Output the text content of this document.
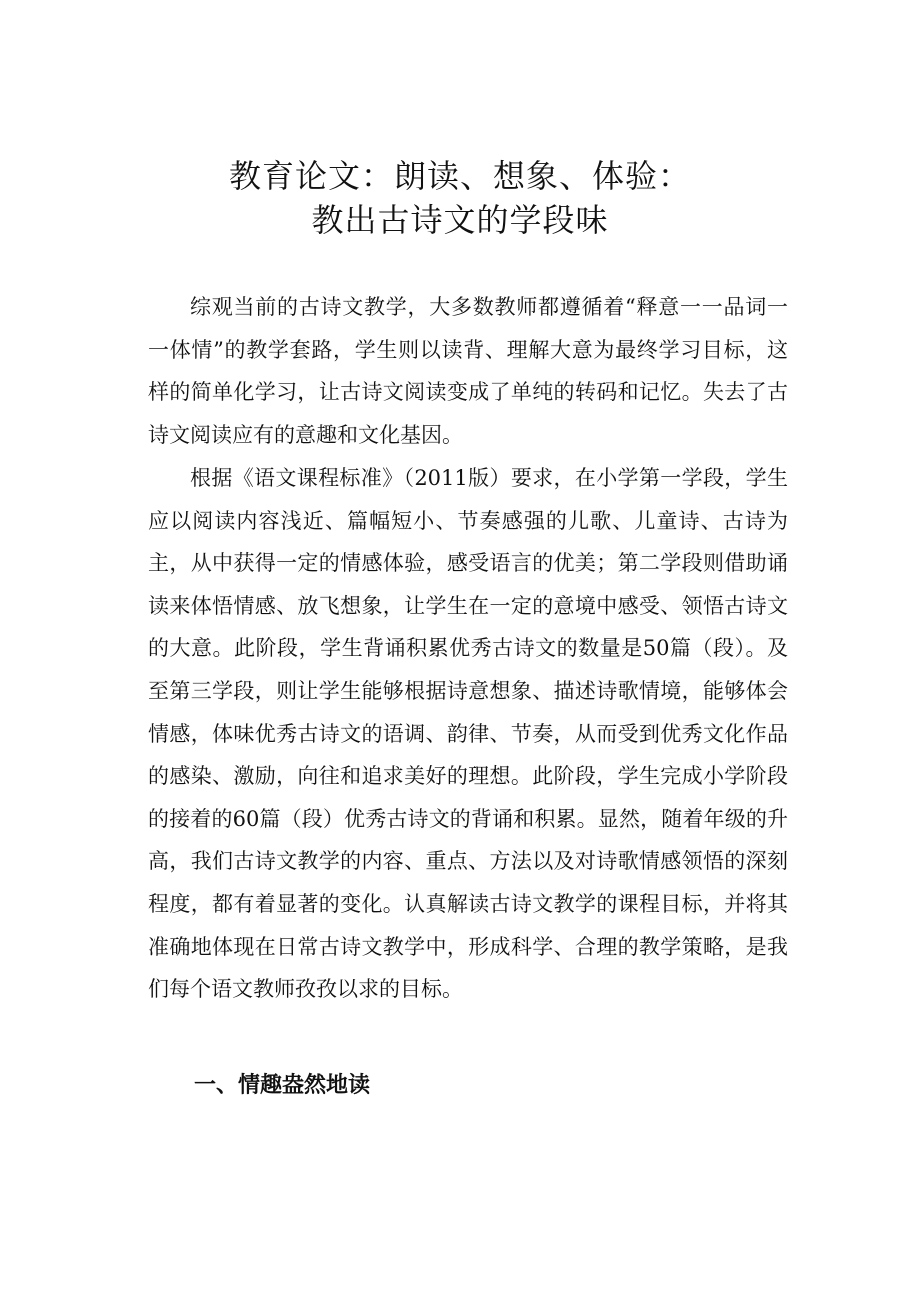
教育论文：朗读、想象、体验：
教出古诗文的学段味

综观当前的古诗文教学，大多数教师都遵循着“释意一一品词一一体情”的教学套路，学生则以读背、理解大意为最终学习目标，这样的简单化学习，让古诗文阅读变成了单纯的转码和记忆。失去了古诗文阅读应有的意趣和文化基因。

根据《语文课程标准》（2011版）要求，在小学第一学段，学生应以阅读内容浅近、篇幅短小、节奏感强的儿歌、儿童诗、古诗为主，从中获得一定的情感体验，感受语言的优美；第二学段则借助诵读来体悟情感、放飞想象，让学生在一定的意境中感受、领悟古诗文的大意。此阶段，学生背诵积累优秀古诗文的数量是50篇（段）。及至第三学段，则让学生能够根据诗意想象、描述诗歌情境，能够体会情感，体味优秀古诗文的语调、韵律、节奏，从而受到优秀文化作品的感染、激励，向往和追求美好的理想。此阶段，学生完成小学阶段的接着的60篇（段）优秀古诗文的背诵和积累。显然，随着年级的升高，我们古诗文教学的内容、重点、方法以及对诗歌情感领悟的深刻程度，都有着显著的变化。认真解读古诗文教学的课程目标，并将其准确地体现在日常古诗文教学中，形成科学、合理的教学策略，是我们每个语文教师孜孜以求的目标。

一、情趣盎然地读
